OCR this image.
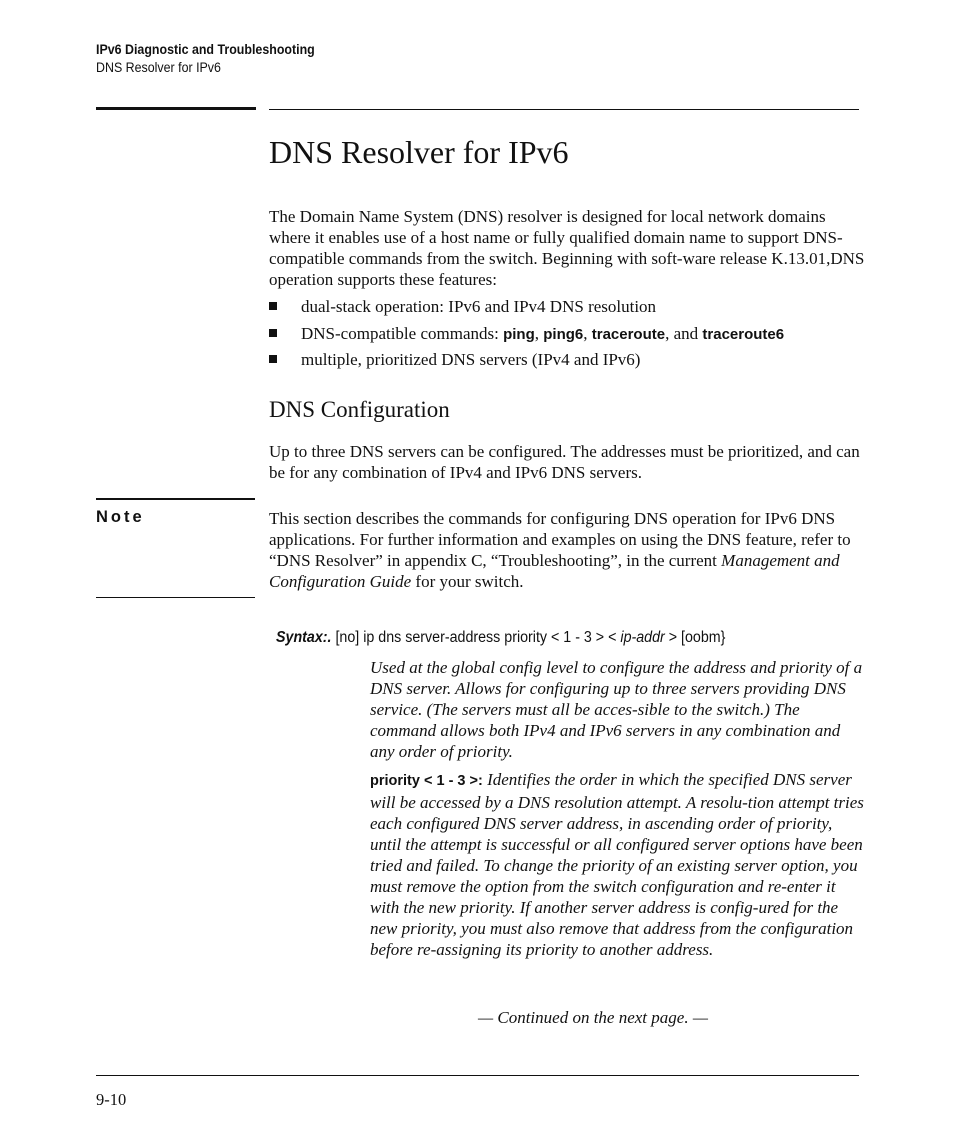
IPv6 Diagnostic and Troubleshooting
DNS Resolver for IPv6
DNS Resolver for IPv6
The Domain Name System (DNS) resolver is designed for local network domains where it enables use of a host name or fully qualified domain name to support DNS-compatible commands from the switch. Beginning with soft-ware release K.13.01,DNS operation supports these features:
dual-stack operation: IPv6 and IPv4 DNS resolution
DNS-compatible commands: ping, ping6, traceroute, and traceroute6
multiple, prioritized DNS servers (IPv4 and IPv6)
DNS Configuration
Up to three DNS servers can be configured. The addresses must be prioritized, and can be for any combination of IPv4 and IPv6 DNS servers.
Note	This section describes the commands for configuring DNS operation for IPv6 DNS applications. For further information and examples on using the DNS feature, refer to “DNS Resolver” in appendix C, “Troubleshooting”, in the current Management and Configuration Guide for your switch.
Syntax:. [no] ip dns server-address priority < 1 - 3 > < ip-addr > [oobm}
Used at the global config level to configure the address and priority of a DNS server. Allows for configuring up to three servers providing DNS service. (The servers must all be acces-sible to the switch.) The command allows both IPv4 and IPv6 servers in any combination and any order of priority.
priority < 1 - 3 >: Identifies the order in which the specified DNS server will be accessed by a DNS resolution attempt. A resolu-tion attempt tries each configured DNS server address, in ascending order of priority, until the attempt is successful or all configured server options have been tried and failed. To change the priority of an existing server option, you must remove the option from the switch configuration and re-enter it with the new priority. If another server address is config-ured for the new priority, you must also remove that address from the configuration before re-assigning its priority to another address.
— Continued on the next page. —
9-10
